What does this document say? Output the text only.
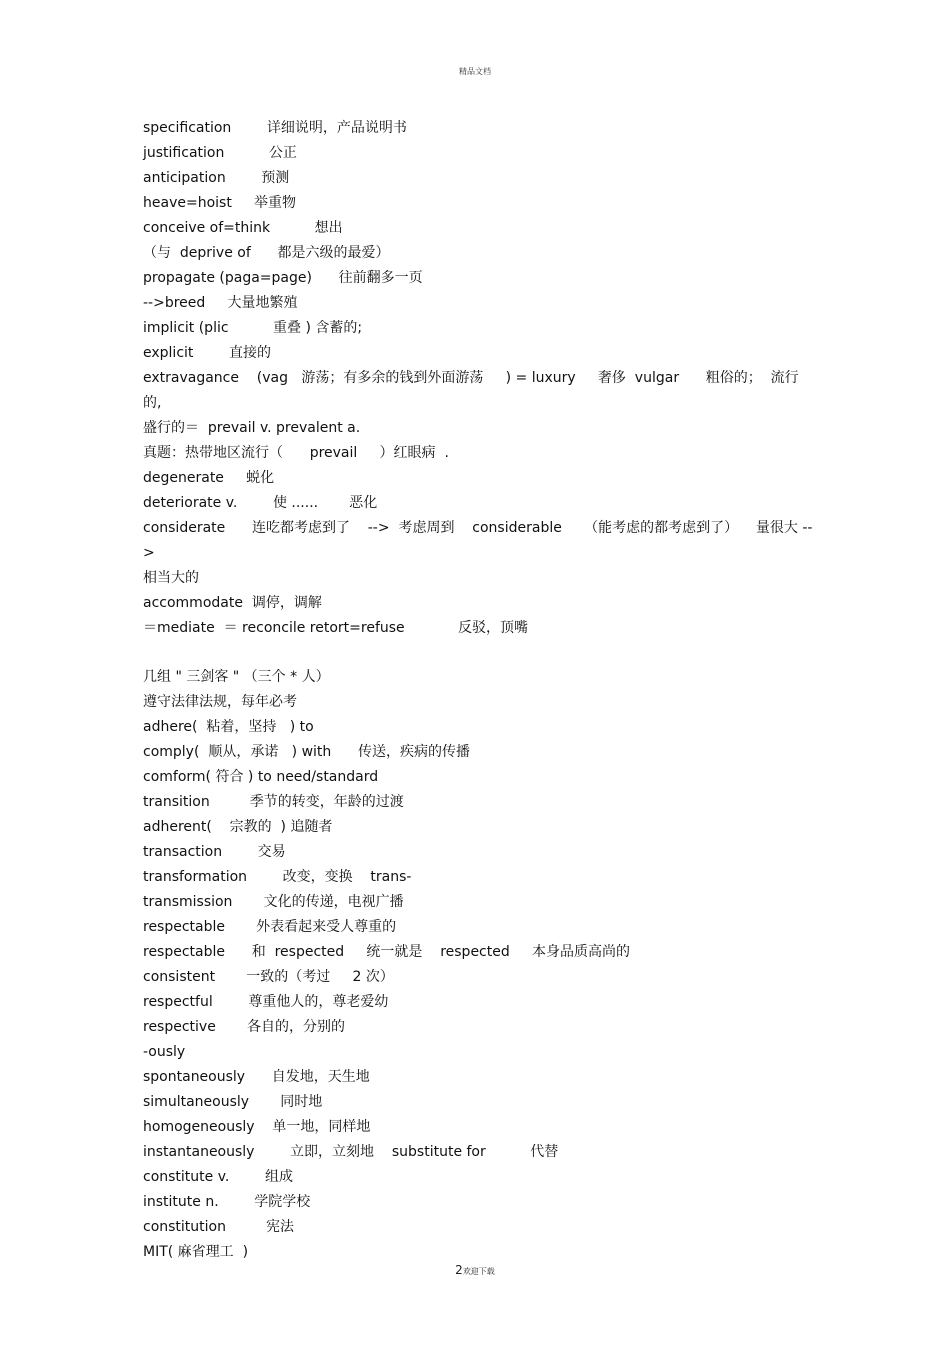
精品文档

specification        详细说明，产品说明书

justification          公正

anticipation        预测

heave=hoist     举重物

conceive of=think          想出

（与  deprive of      都是六级的最爱）

propagate (paga=page)      往前翻多一页

-->breed     大量地繁殖

implicit (plic          重叠 ) 含蓄的;

explicit        直接的

extravagance    (vag   游荡；有多余的钱到外面游荡     ) = luxury     奢侈  vulgar      粗俗的；  流行的,

盛行的＝  prevail v. prevalent a.

真题：热带地区流行（      prevail     ）红眼病  .

degenerate     蜕化

deteriorate v.        使 ......       恶化

considerate      连吃都考虑到了    -->  考虑周到    considerable     （能考虑的都考虑到了）    量很大 -->

相当大的

accommodate  调停，调解

＝mediate  ＝ reconcile retort=refuse            反驳，顶嘴

几组 " 三剑客 " （三个 * 人）

遵守法律法规，每年必考

adhere(  粘着，坚持   ) to

comply(  顺从，承诺   ) with      传送，疾病的传播

comform( 符合 ) to need/standard

transition         季节的转变，年龄的过渡

adherent(    宗教的  ) 追随者

transaction        交易

transformation        改变，变换    trans-

transmission       文化的传递，电视广播

respectable       外表看起来受人尊重的

respectable      和  respected     统一就是    respected     本身品质高尚的

consistent       一致的（考过     2 次）

respectful        尊重他人的，尊老爱幼

respective       各自的，分别的

-ously

spontaneously      自发地，天生地

simultaneously       同时地

homogeneously    单一地，同样地

instantaneously        立即，立刻地    substitute for          代替

constitute v.        组成

institute n.        学院学校

constitution         宪法

MIT( 麻省理工  )

2欢迎下载
